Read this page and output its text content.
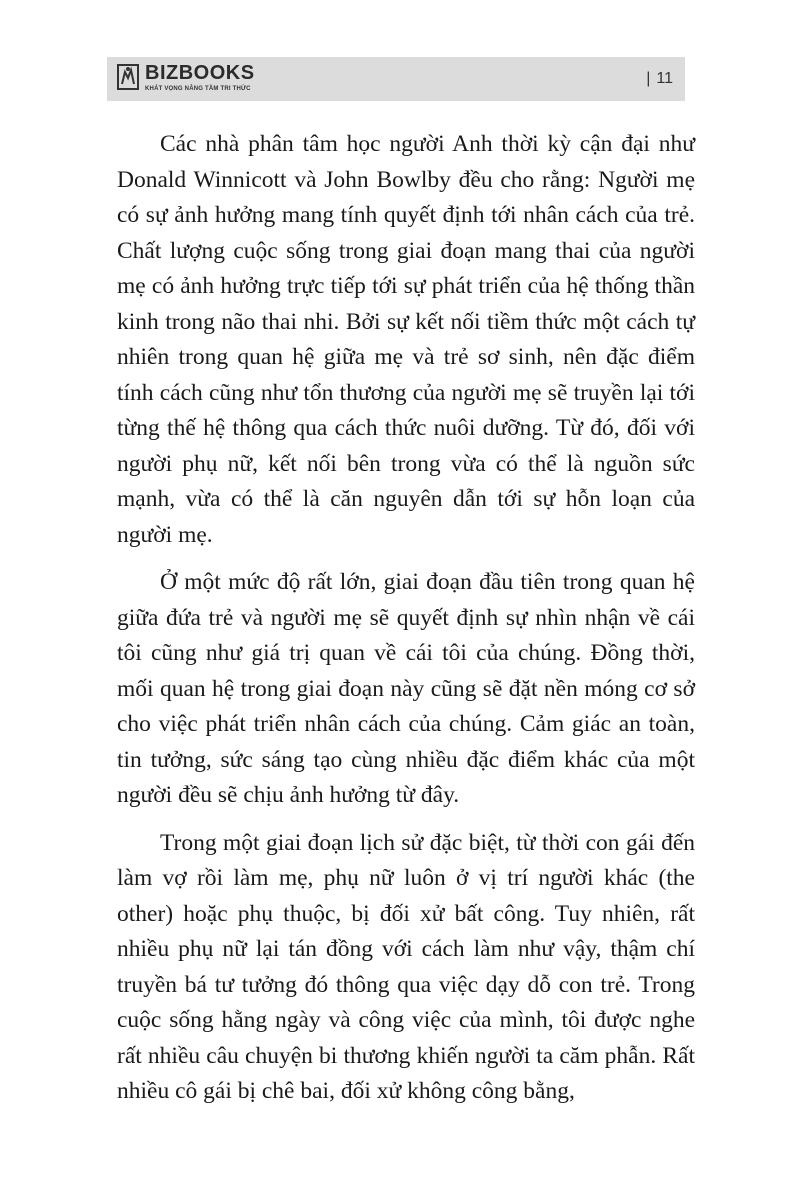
BIZBOOKS
KHÁT VỌNG NÂNG TẦM TRI THỨC
| 11

Các nhà phân tâm học người Anh thời kỳ cận đại như Donald Winnicott và John Bowlby đều cho rằng: Người mẹ có sự ảnh hưởng mang tính quyết định tới nhân cách của trẻ. Chất lượng cuộc sống trong giai đoạn mang thai của người mẹ có ảnh hưởng trực tiếp tới sự phát triển của hệ thống thần kinh trong não thai nhi. Bởi sự kết nối tiềm thức một cách tự nhiên trong quan hệ giữa mẹ và trẻ sơ sinh, nên đặc điểm tính cách cũng như tổn thương của người mẹ sẽ truyền lại tới từng thế hệ thông qua cách thức nuôi dưỡng. Từ đó, đối với người phụ nữ, kết nối bên trong vừa có thể là nguồn sức mạnh, vừa có thể là căn nguyên dẫn tới sự hỗn loạn của người mẹ.

Ở một mức độ rất lớn, giai đoạn đầu tiên trong quan hệ giữa đứa trẻ và người mẹ sẽ quyết định sự nhìn nhận về cái tôi cũng như giá trị quan về cái tôi của chúng. Đồng thời, mối quan hệ trong giai đoạn này cũng sẽ đặt nền móng cơ sở cho việc phát triển nhân cách của chúng. Cảm giác an toàn, tin tưởng, sức sáng tạo cùng nhiều đặc điểm khác của một người đều sẽ chịu ảnh hưởng từ đây.

Trong một giai đoạn lịch sử đặc biệt, từ thời con gái đến làm vợ rồi làm mẹ, phụ nữ luôn ở vị trí người khác (the other) hoặc phụ thuộc, bị đối xử bất công. Tuy nhiên, rất nhiều phụ nữ lại tán đồng với cách làm như vậy, thậm chí truyền bá tư tưởng đó thông qua việc dạy dỗ con trẻ. Trong cuộc sống hằng ngày và công việc của mình, tôi được nghe rất nhiều câu chuyện bi thương khiến người ta căm phẫn. Rất nhiều cô gái bị chê bai, đối xử không công bằng,
